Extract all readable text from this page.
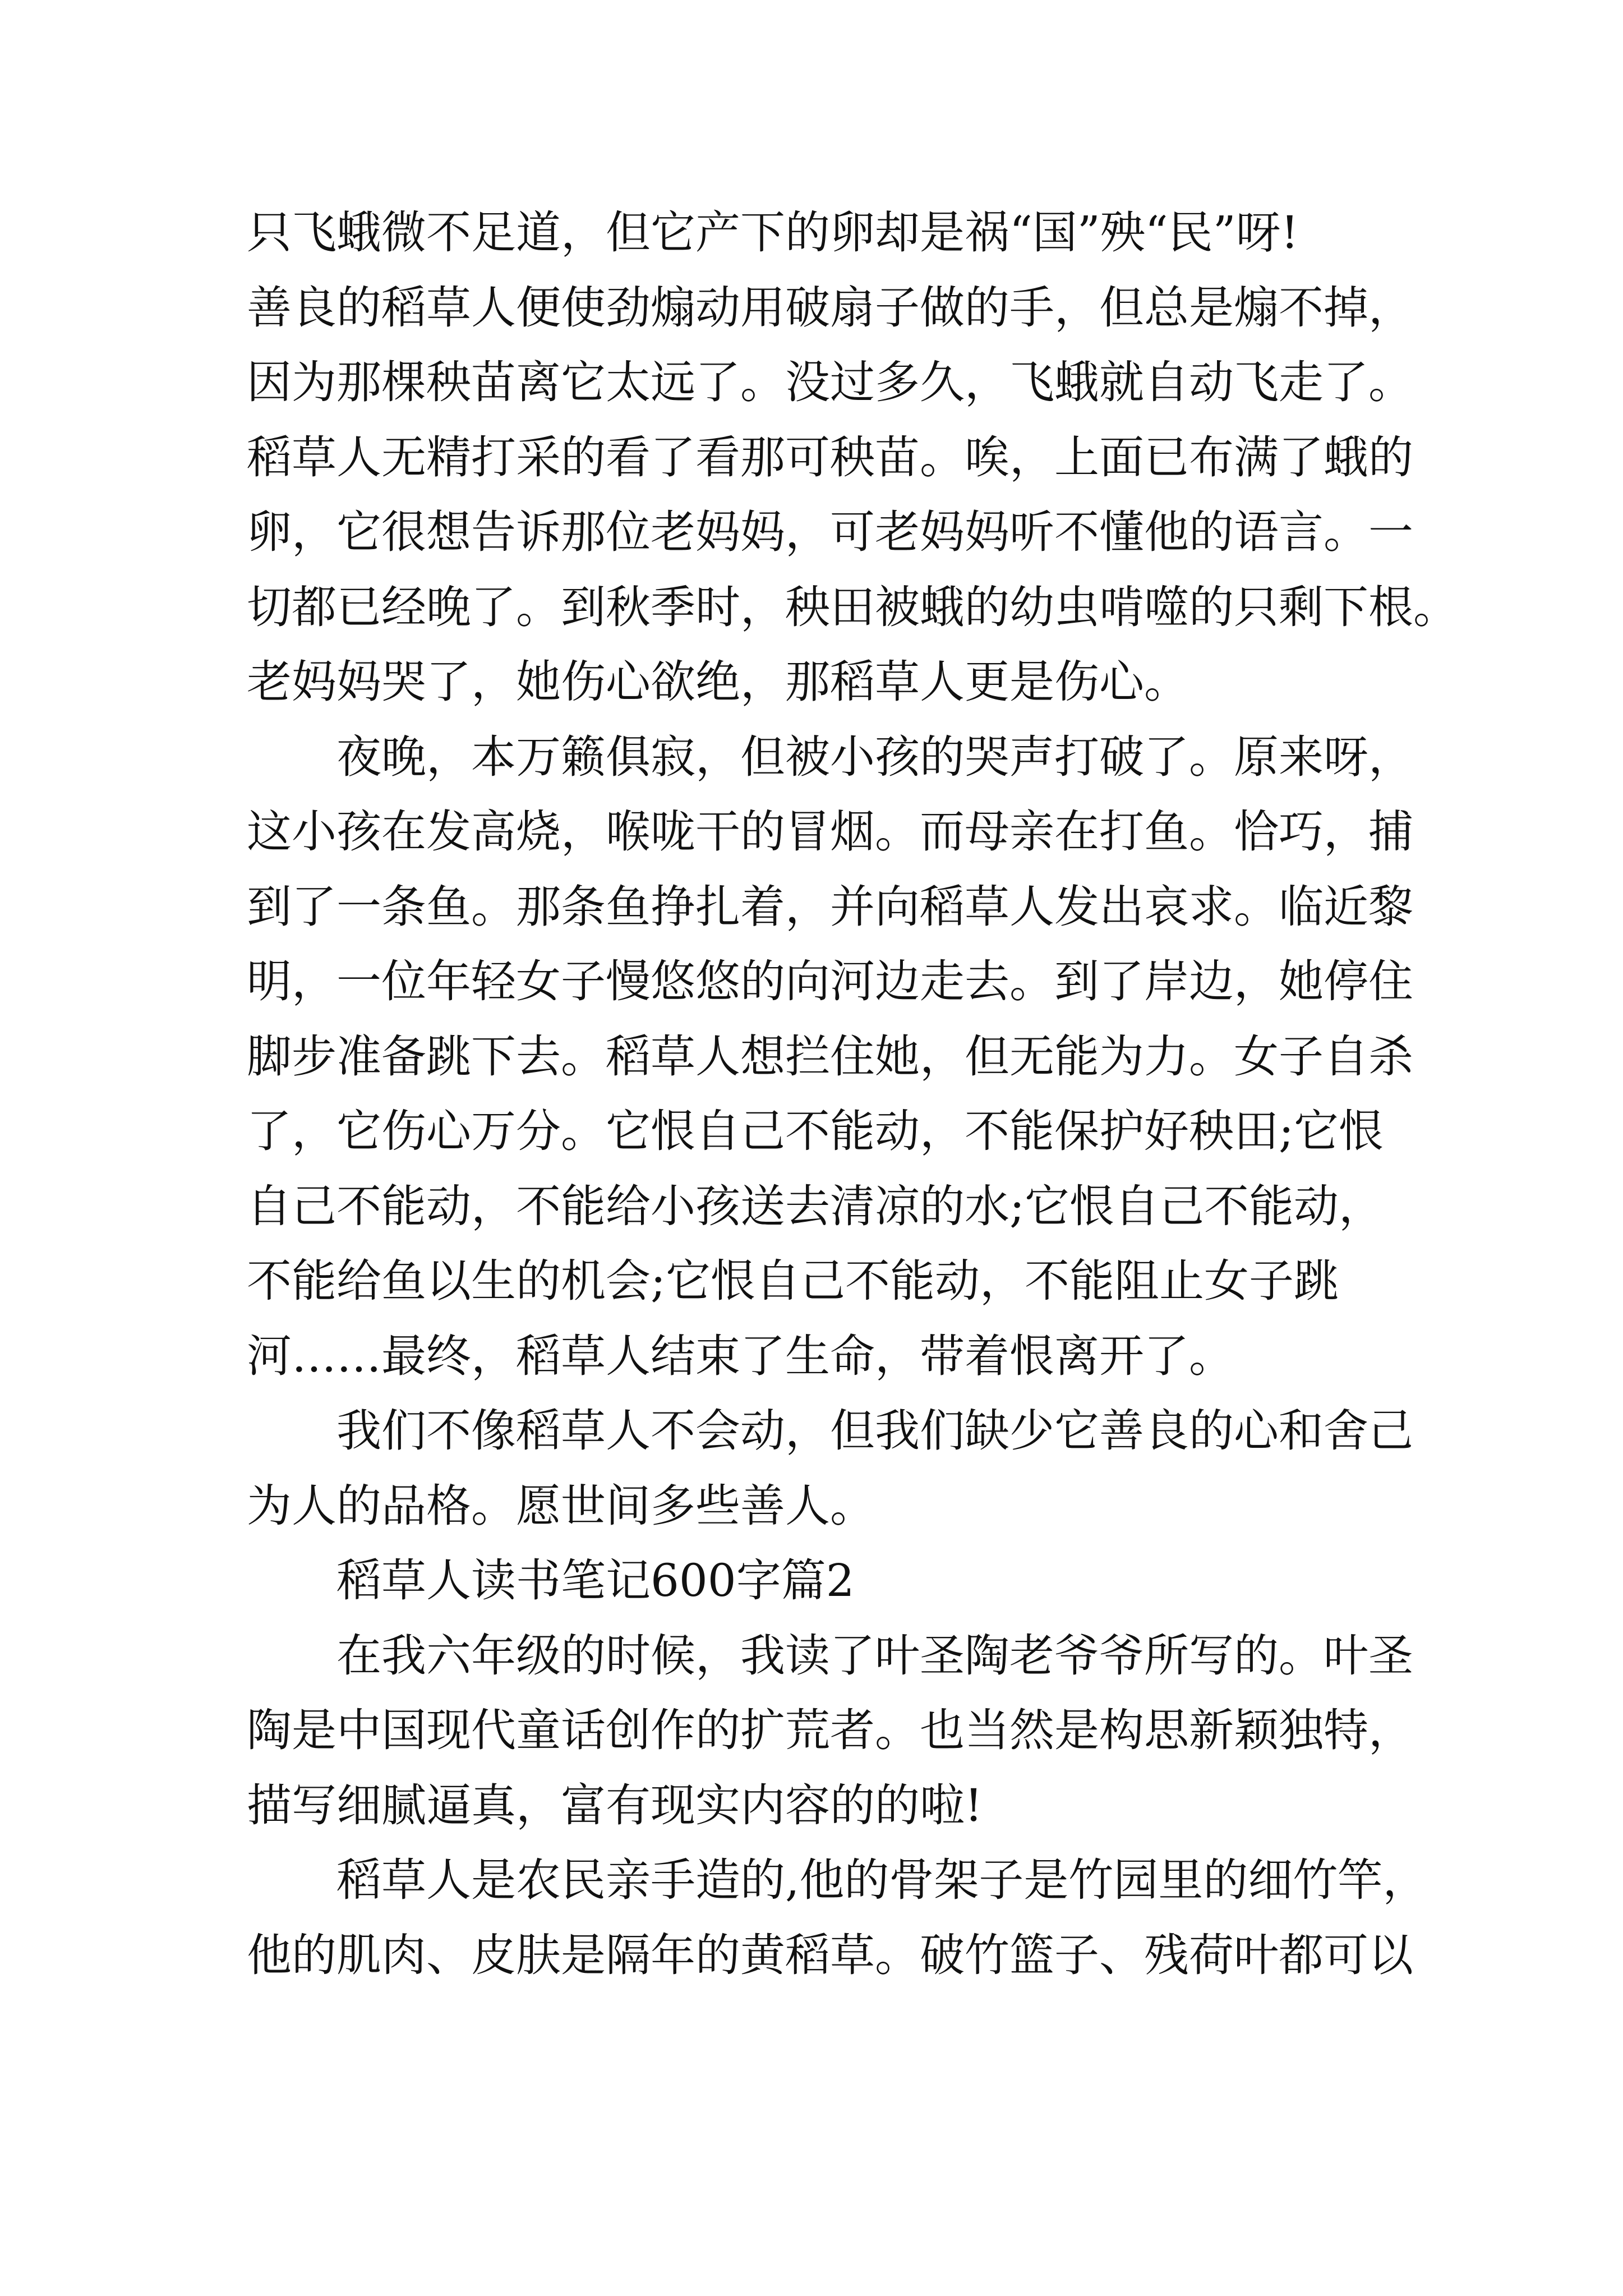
只飞蛾微不足道，但它产下的卵却是祸“国”殃“民”呀!
善良的稻草人便使劲煽动用破扇子做的手，但总是煽不掉，
因为那棵秧苗离它太远了。没过多久，飞蛾就自动飞走了。
稻草人无精打采的看了看那可秧苗。唉，上面已布满了蛾的
卵，它很想告诉那位老妈妈，可老妈妈听不懂他的语言。一
切都已经晚了。到秋季时，秧田被蛾的幼虫啃噬的只剩下根。
老妈妈哭了，她伤心欲绝，那稻草人更是伤心。
夜晚，本万籁俱寂，但被小孩的哭声打破了。原来呀，
这小孩在发高烧，喉咙干的冒烟。而母亲在打鱼。恰巧，捕
到了一条鱼。那条鱼挣扎着，并向稻草人发出哀求。临近黎
明，一位年轻女子慢悠悠的向河边走去。到了岸边，她停住
脚步准备跳下去。稻草人想拦住她，但无能为力。女子自杀
了，它伤心万分。它恨自己不能动，不能保护好秧田;它恨
自己不能动，不能给小孩送去清凉的水;它恨自己不能动，
不能给鱼以生的机会;它恨自己不能动，不能阻止女子跳
河……最终，稻草人结束了生命，带着恨离开了。
我们不像稻草人不会动，但我们缺少它善良的心和舍己
为人的品格。愿世间多些善人。
稻草人读书笔记600字篇2
在我六年级的时候，我读了叶圣陶老爷爷所写的。叶圣
陶是中国现代童话创作的扩荒者。也当然是构思新颖独特，
描写细腻逼真，富有现实内容的的啦!
稻草人是农民亲手造的,他的骨架子是竹园里的细竹竿，
他的肌肉、皮肤是隔年的黄稻草。破竹篮子、残荷叶都可以
